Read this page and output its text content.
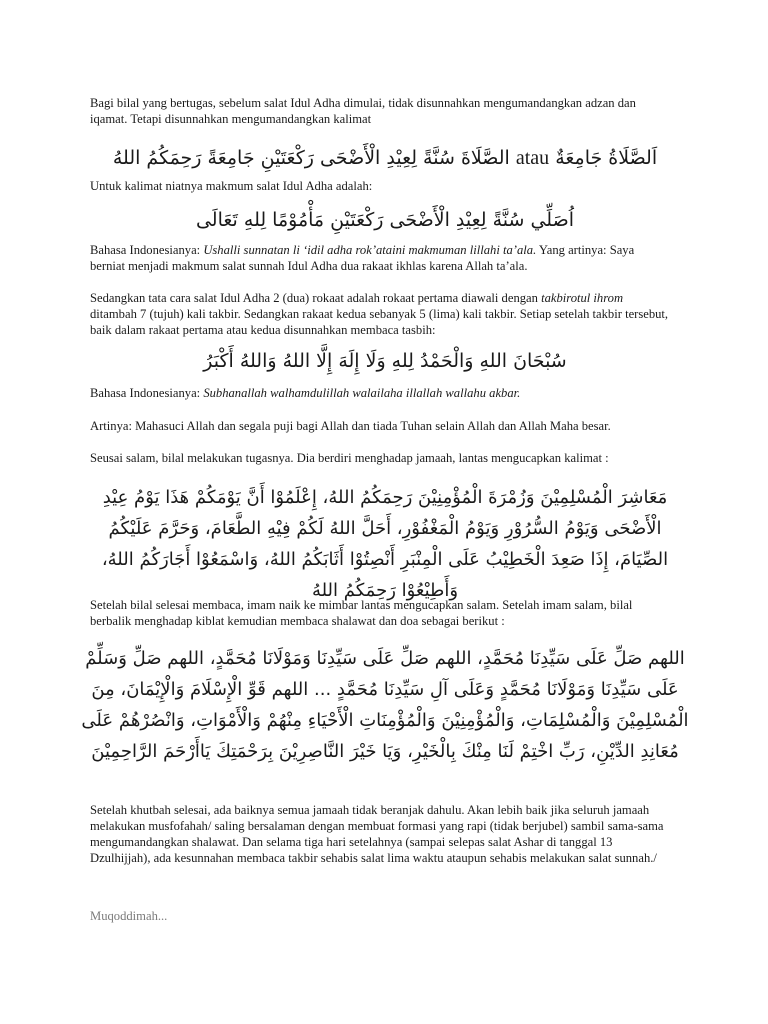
Bagi bilal yang bertugas, sebelum salat Idul Adha dimulai, tidak disunnahkan mengumandangkan adzan dan iqamat. Tetapi disunnahkan mengumandangkan kalimat

اَلصَّلَاةُ جَامِعَةٌ atau الصَّلَاةَ سُنَّةً لِعِيْدِ الْأَضْحَى رَكْعَتَيْنِ جَامِعَةً رَحِمَكُمُ اللهُ

Untuk kalimat niatnya makmum salat Idul Adha adalah:

اُصَلِّي سُنَّةً لِعِيْدِ الْأَضْحَى رَكْعَتَيْنِ مَأْمُوْمًا لِلهِ تَعَالَى

Bahasa Indonesianya: Ushalli sunnatan li ‘idil adha rok’ataini makmuman lillahi ta’ala. Yang artinya: Saya berniat menjadi makmum salat sunnah Idul Adha dua rakaat ikhlas karena Allah ta’ala.

Sedangkan tata cara salat Idul Adha 2 (dua) rokaat adalah rokaat pertama diawali dengan takbirotul ihrom ditambah 7 (tujuh) kali takbir. Sedangkan rakaat kedua sebanyak 5 (lima) kali takbir. Setiap setelah takbir tersebut, baik dalam rakaat pertama atau kedua disunnahkan membaca tasbih:

سُبْحَانَ اللهِ وَالْحَمْدُ لِلهِ وَلَا إِلَهَ إِلَّا اللهُ وَاللهُ أَكْبَرُ

Bahasa Indonesianya: Subhanallah walhamdulillah walailaha illallah wallahu akbar.

Artinya: Mahasuci Allah dan segala puji bagi Allah dan tiada Tuhan selain Allah dan Allah Maha besar.

Seusai salam, bilal melakukan tugasnya. Dia berdiri menghadap jamaah, lantas mengucapkan kalimat :

مَعَاشِرَ الْمُسْلِمِيْنَ وَزُمْرَةَ الْمُؤْمِنِيْنَ رَحِمَكُمُ اللهُ، إِعْلَمُوْا أَنَّ يَوْمَكُمْ هَذَا يَوْمُ عِيْدِ الْأَضْحَى وَيَوْمُ السُّرُوْرِ وَيَوْمُ الْمَغْفُوْرِ، أَحَلَّ اللهُ لَكُمْ فِيْهِ الطَّعَامَ، وَحَرَّمَ عَلَيْكُمُ الصِّيَامَ، إِذَا صَعِدَ الْخَطِيْبُ عَلَى الْمِنْبَرِ أَنْصِتُوْا أَثَابَكُمُ اللهُ، وَاسْمَعُوْا أَجَارَكُمُ اللهُ، وَأَطِيْعُوْا رَحِمَكُمُ اللهُ

Setelah bilal selesai membaca, imam naik ke mimbar lantas mengucapkan salam. Setelah imam salam, bilal berbalik menghadap kiblat kemudian membaca shalawat dan doa sebagai berikut :

اللهم صَلِّ عَلَى سَيِّدِنَا مُحَمَّدٍ، اللهم صَلِّ عَلَى سَيِّدِنَا وَمَوْلَانَا مُحَمَّدٍ، اللهم صَلِّ وَسَلِّمْ عَلَى سَيِّدِنَا وَمَوْلَانَا مُحَمَّدٍ وَعَلَى آلِ سَيِّدِنَا مُحَمَّدٍ ... اللهم قَوِّ الْإِسْلَامَ وَالْإِيْمَانَ، مِنَ الْمُسْلِمِيْنَ وَالْمُسْلِمَاتِ، وَالْمُؤْمِنِيْنَ وَالْمُؤْمِنَاتِ الْأَحْيَاءِ مِنْهُمْ وَالْأَمْوَاتِ، وَانْصُرْهُمْ عَلَى مُعَانِدِ الدِّيْنِ، رَبِّ اخْتِمْ لَنَا مِنْكَ بِالْخَيْرِ، وَيَا خَيْرَ النَّاصِرِيْنَ بِرَحْمَتِكَ يَاأَرْحَمَ الرَّاحِمِيْنَ

Setelah khutbah selesai, ada baiknya semua jamaah tidak beranjak dahulu. Akan lebih baik jika seluruh jamaah melakukan musfofahah/ saling bersalaman dengan membuat formasi yang rapi (tidak berjubel) sambil sama-sama mengumandangkan shalawat. Dan selama tiga hari setelahnya (sampai selepas salat Ashar di tanggal 13 Dzulhijjah), ada kesunnahan membaca takbir sehabis salat lima waktu ataupun sehabis melakukan salat sunnah./

Muqoddimah...
